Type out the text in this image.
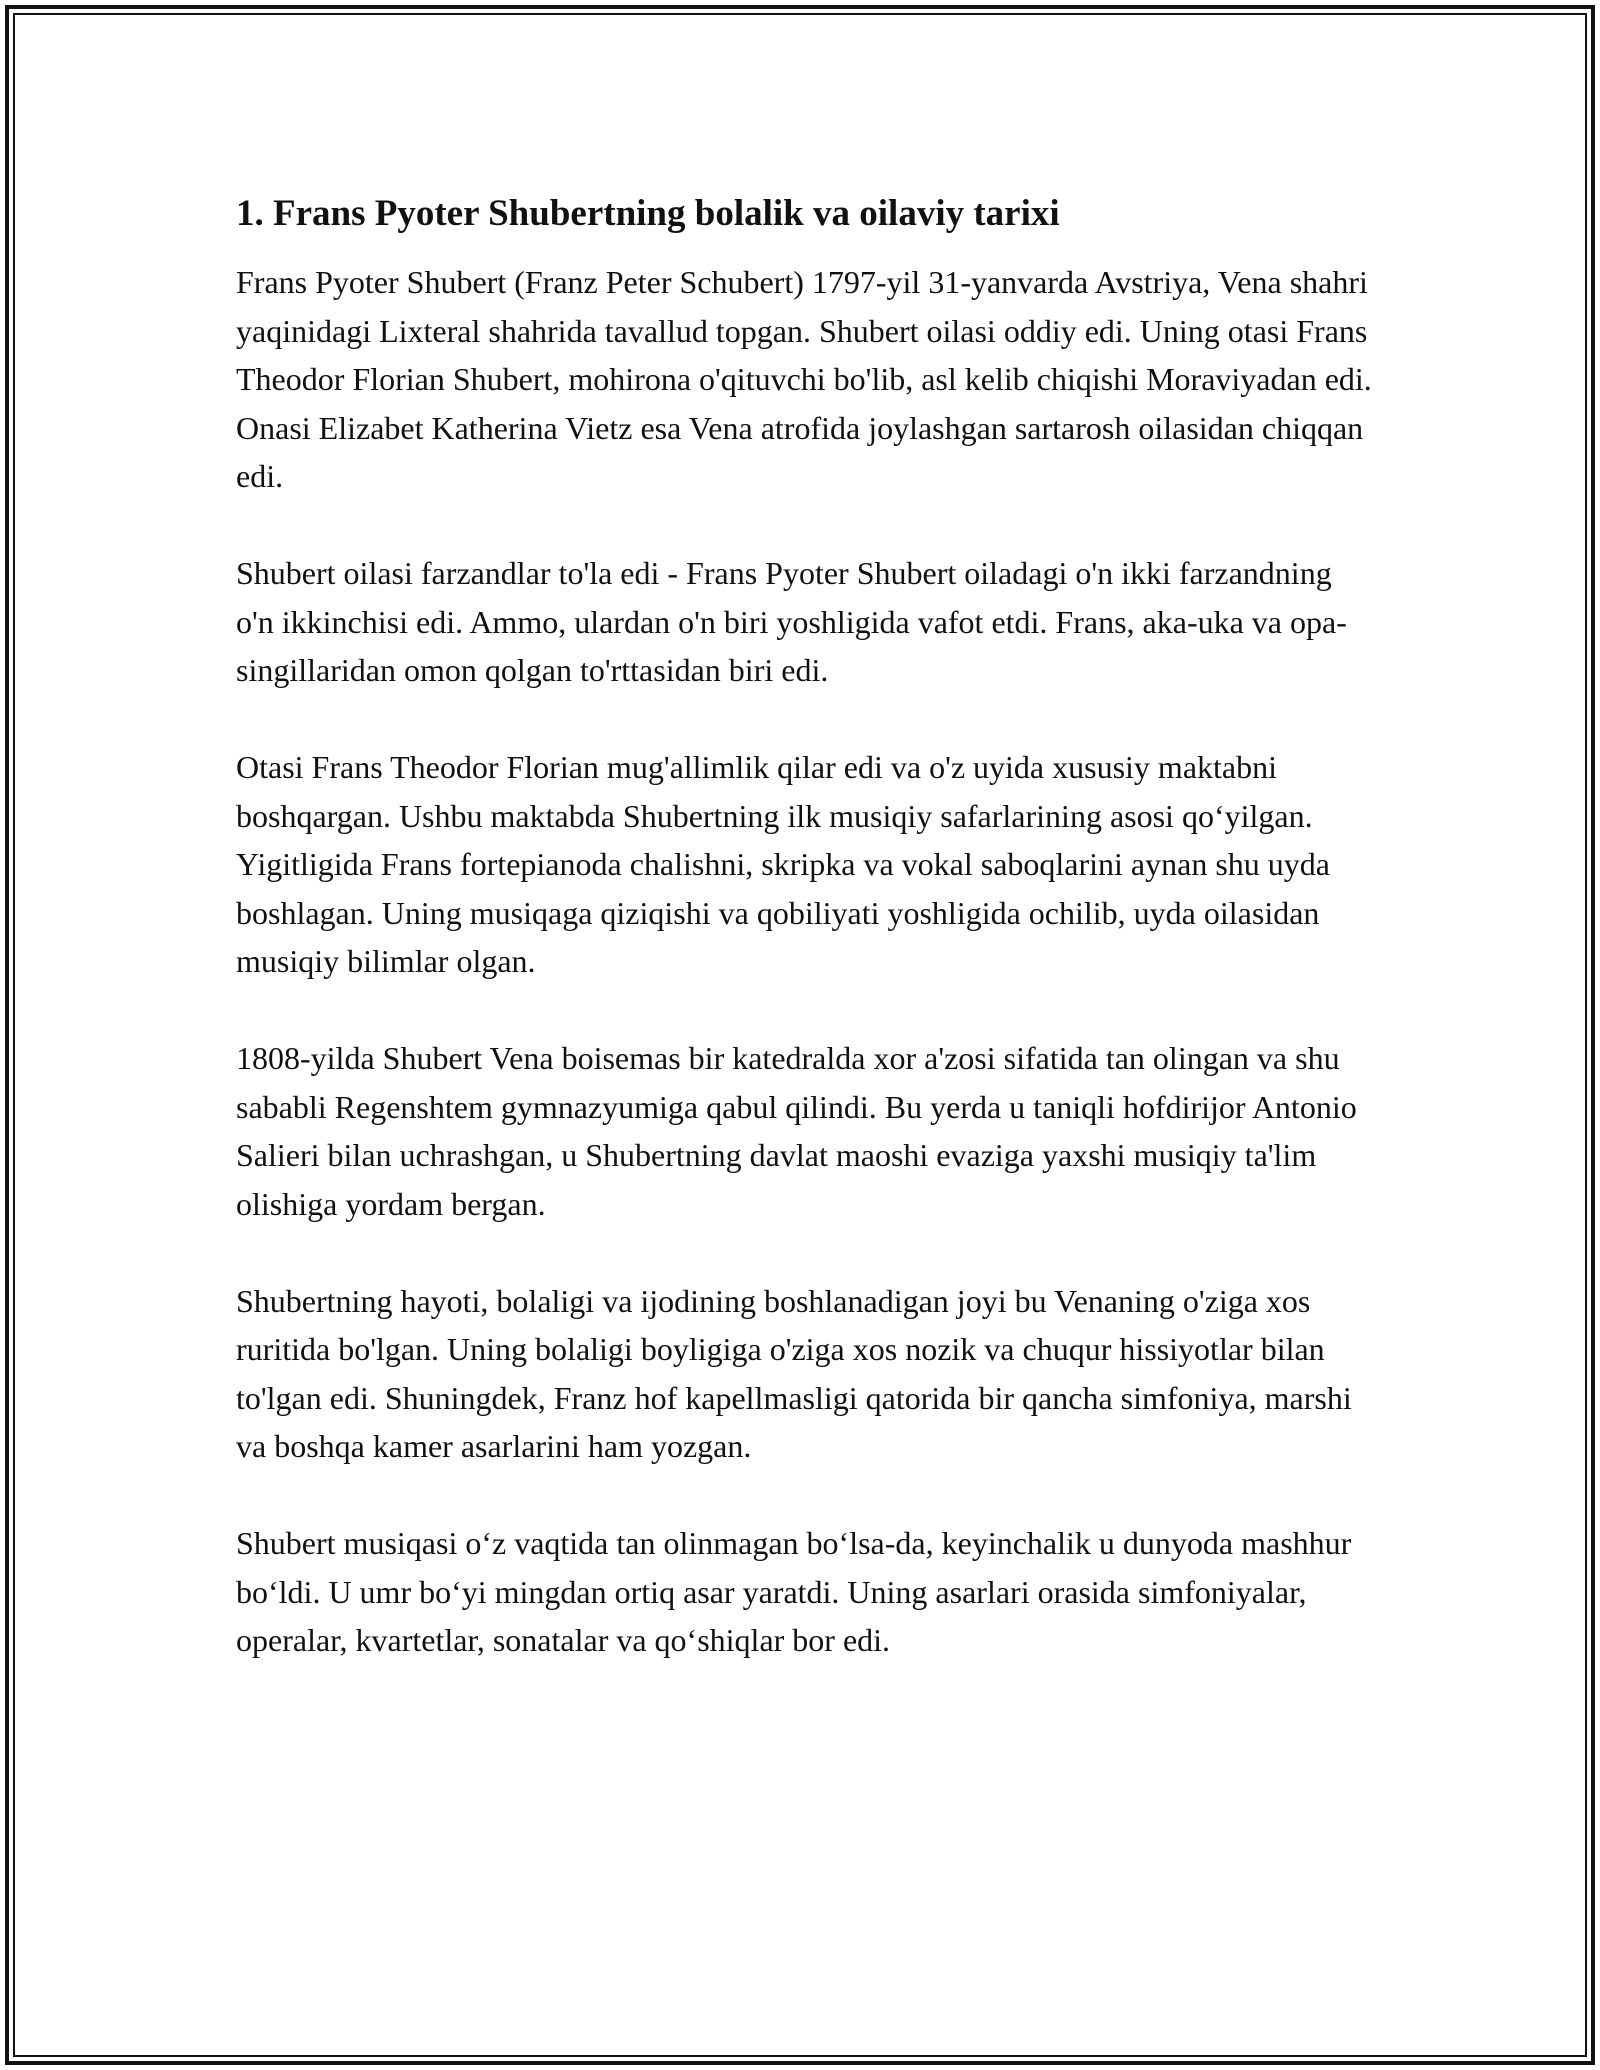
1. Frans Pyoter Shubertning bolalik va oilaviy tarixi

Frans Pyoter Shubert (Franz Peter Schubert) 1797-yil 31-yanvarda Avstriya, Vena shahri yaqinidagi Lixteral shahrida tavallud topgan. Shubert oilasi oddiy edi. Uning otasi Frans Theodor Florian Shubert, mohirona o'qituvchi bo'lib, asl kelib chiqishi Moraviyadan edi. Onasi Elizabet Katherina Vietz esa Vena atrofida joylashgan sartarosh oilasidan chiqqan edi.

Shubert oilasi farzandlar to'la edi - Frans Pyoter Shubert oiladagi o'n ikki farzandning o'n ikkinchisi edi. Ammo, ulardan o'n biri yoshligida vafot etdi. Frans, aka-uka va opa-singillaridan omon qolgan to'rttasidan biri edi.

Otasi Frans Theodor Florian mug'allimlik qilar edi va o'z uyida xususiy maktabni boshqargan. Ushbu maktabda Shubertning ilk musiqiy safarlarining asosi qo‘yilgan. Yigitligida Frans fortepianoda chalishni, skripka va vokal saboqlarini aynan shu uyda boshlagan. Uning musiqaga qiziqishi va qobiliyati yoshligida ochilib, uyda oilasidan musiqiy bilimlar olgan.

1808-yilda Shubert Vena boisemas bir katedralda xor a'zosi sifatida tan olingan va shu sababli Regenshtem gymnazyumiga qabul qilindi. Bu yerda u taniqli hofdirijor Antonio Salieri bilan uchrashgan, u Shubertning davlat maoshi evaziga yaxshi musiqiy ta'lim olishiga yordam bergan.

Shubertning hayoti, bolaligi va ijodining boshlanadigan joyi bu Venaning o'ziga xos ruritida bo'lgan. Uning bolaligi boyligiga o'ziga xos nozik va chuqur hissiyotlar bilan to'lgan edi. Shuningdek, Franz hof kapellmasligi qatorida bir qancha simfoniya, marshi va boshqa kamer asarlarini ham yozgan.

Shubert musiqasi o‘z vaqtida tan olinmagan bo‘lsa-da, keyinchalik u dunyoda mashhur bo‘ldi. U umr bo‘yi mingdan ortiq asar yaratdi. Uning asarlari orasida simfoniyalar, operalar, kvartetlar, sonatalar va qo‘shiqlar bor edi.
